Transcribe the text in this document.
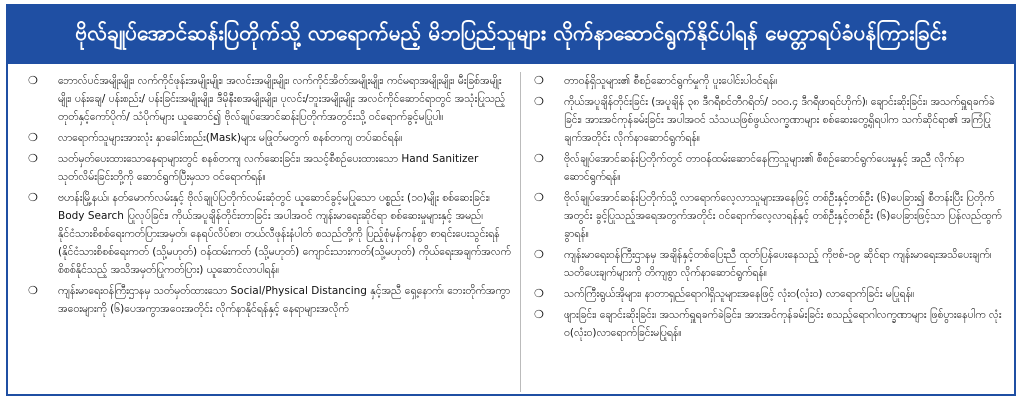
ဗိုလ်ချုပ်အောင်ဆန်းပြတိုက်သို့ လာရောက်မည့် မိဘပြည်သူများ လိုက်နာဆောင်ရွက်နိုင်ပါရန် မေတ္တာရပ်ခံပန်ကြားခြင်း
❍	ဘောလ်ပင်အမျိုးမျိုး၊ လက်ကိုင်ဖုန်းအမျိုးမျိုး၊ အလင်းအမျိုးမျိုး၊ လက်ကိုင်အိတ်အမျိုးမျိုး၊ ကင်မရာအမျိုးမျိုး၊ မီးခြစ်အမျိုးမျိုး၊ ပန်းချေ/ ပန်းစည်း/ ပန်းခြင်းအမျိုးမျိုး၊ ဒီမိုနီးစအမျိုးမျိုး၊ ပုလင်း/ဘူးအမျိုးမျိုး အလင်ကိုင်ဆောင်ရာတွင် အသုံးပြုသည့် တုတ်နှင့်ကော်ပိုက်/ သံပိုက်များ ယူဆောင်၍ ဗိုလ်ချုပ်အောင်ဆန်းပြတိုက်အတွင်းသို့ ဝင်ရောက်ခွင့်မပြုပါ။
❍	လာရောက်သူများအားလုံး နှာခေါင်းစည်း(Mask)များ မဖြုတ်မတွက် စနစ်တကျ တပ်ဆင်ရန်။
❍	သတ်မှတ်ပေးထားသောနေရာများတွင် စနစ်တကျ လက်ဆေးခြင်း၊ အသင့်စီစဉ်ပေးထားသော Hand Sanitizer သုတ်လိမ်းခြင်းတို့ကို ဆောင်ရွက်ပြီးမှသာ ဝင်ရောက်ရန်။
❍	ဗဟန်းမြို့နယ်၊ နတ်မောက်လမ်းနှင့် ဗိုလ်ချုပ်ပြတိုက်လမ်းဆုံတွင် ယူဆောင်ခွင့်မပြုသော ပစ္စည်း (၁၀)မျိုး စစ်ဆေးခြင်း၊ Body Search ပြုလုပ်ခြင်း၊ ကိုယ်အပူချိန်တိုင်းတာခြင်း အပါအဝင် ကျန်းမာရေးဆိုင်ရာ စစ်ဆေးမှုများနှင့် အမည်၊ နိုင်ငံသားစိစစ်ရေးကတ်ပြားအမှတ်၊ နေရပ်လိပ်စာ၊ တယ်လီဖုန်းနံပါတ် စသည်တို့ကို ပြည့်စုံမှန်ကန်စွာ စာရင်းပေးသွင်းရန် (နိုင်ငံသားစိစစ်ရေးကတ် (သို့မဟုတ်) ဝန်ထမ်းကတ် (သို့မဟုတ်) ကျောင်းသားကတ်(သို့မဟုတ်) ကိုယ်ရေးအချက်အလက် စိစစ်နိုင်သည့် အသိအမှတ်ပြုကတ်ပြား) ယူဆောင်လာပါရန်။
❍	ကျန်းမာရေးဝန်ကြီးဌာနမှ သတ်မှတ်ထားသော Social/Physical Distancing နှင့်အညီ ရှေ့နောက်၊ ဘေးတိုက်အကွာအဝေးများကို (၆)ပေအကွာအဝေးအတိုင်း လိုက်နာနိုင်ရန်နှင့် နေရာများအလိုက်
❍	တာဝန်ရှိသူများ၏ စီစဉ်ဆောင်ရွက်မှုကို ပူးပေါင်းပါဝင်ရန်။
❍	ကိုယ်အပူချိန်တိုင်းခြင်း (အပူချိန် ၃၈ ဒီဂရီစင်တီဂရိတ်/ ၁၀၀.၄ ဒီဂရီဖာရင်ဟိုက်)၊ ချောင်းဆိုးခြင်း၊ အသက်ရှူရခက်ခဲခြင်း၊ အားအင်ကုန်ခမ်းခြင်း အပါအဝင် သံသယဖြစ်ဖွယ်လက္ခဏာများ စစ်ဆေးတွေ့ရှိရပါက သက်ဆိုင်ရာ၏ အကြံပြုချက်အတိုင်း လိုက်နာဆောင်ရွက်ရန်။
❍	ဗိုလ်ချုပ်အောင်ဆန်းပြတိုက်တွင် တာဝန်ထမ်းဆောင်နေကြသူများ၏ စီစဉ်ဆောင်ရွက်ပေးမှုနှင့် အညီ လိုက်နာဆောင်ရွက်ရန်။
❍	ဗိုလ်ချုပ်အောင်ဆန်းပြတိုက်သို့ လာရောက်လေ့လာသူများအနေဖြင့် တစ်ဦးနှင့်တစ်ဦး (၆)ပေခြား၍ စီတန်းပြီး ပြတိုက်အတွင်း ခွင့်ပြုသည့်အရေအတွက်အတိုင်း ဝင်ရောက်လေ့လာရန်နှင့် တစ်ဦးနှင့်တစ်ဦး (၆)ပေခြားဖြင့်သာ ပြန်လည်ထွက်ခွာရန်။
❍	ကျန်းမာရေးဝန်ကြီးဌာနမှ အချိန်နှင့်တစ်ပြေးညီ ထုတ်ပြန်ပေးနေသည့် ကိုဗစ်-၁၉ ဆိုင်ရာ ကျန်းမာရေးအသိပေးချက်၊ သတိပေးချက်များကို တိကျစွာ လိုက်နာဆောင်ရွက်ရန်။
❍	သက်ကြီးရွယ်အိုများ၊ နာတာရှည်ရောဂါရှိသူများအနေဖြင့် လုံးဝ(လုံးဝ) လာရောက်ခြင်း မပြုရန်။
❍	ဖျားခြင်း၊ ချောင်းဆိုးခြင်း၊ အသက်ရှူရခက်ခဲခြင်း၊ အားအင်ကုန်ခမ်းခြင်း စသည့်ရောဂါလက္ခဏာများ ဖြစ်ပွားနေပါက လုံးဝ(လုံးဝ)လာရောက်ခြင်းမပြုရန်။
